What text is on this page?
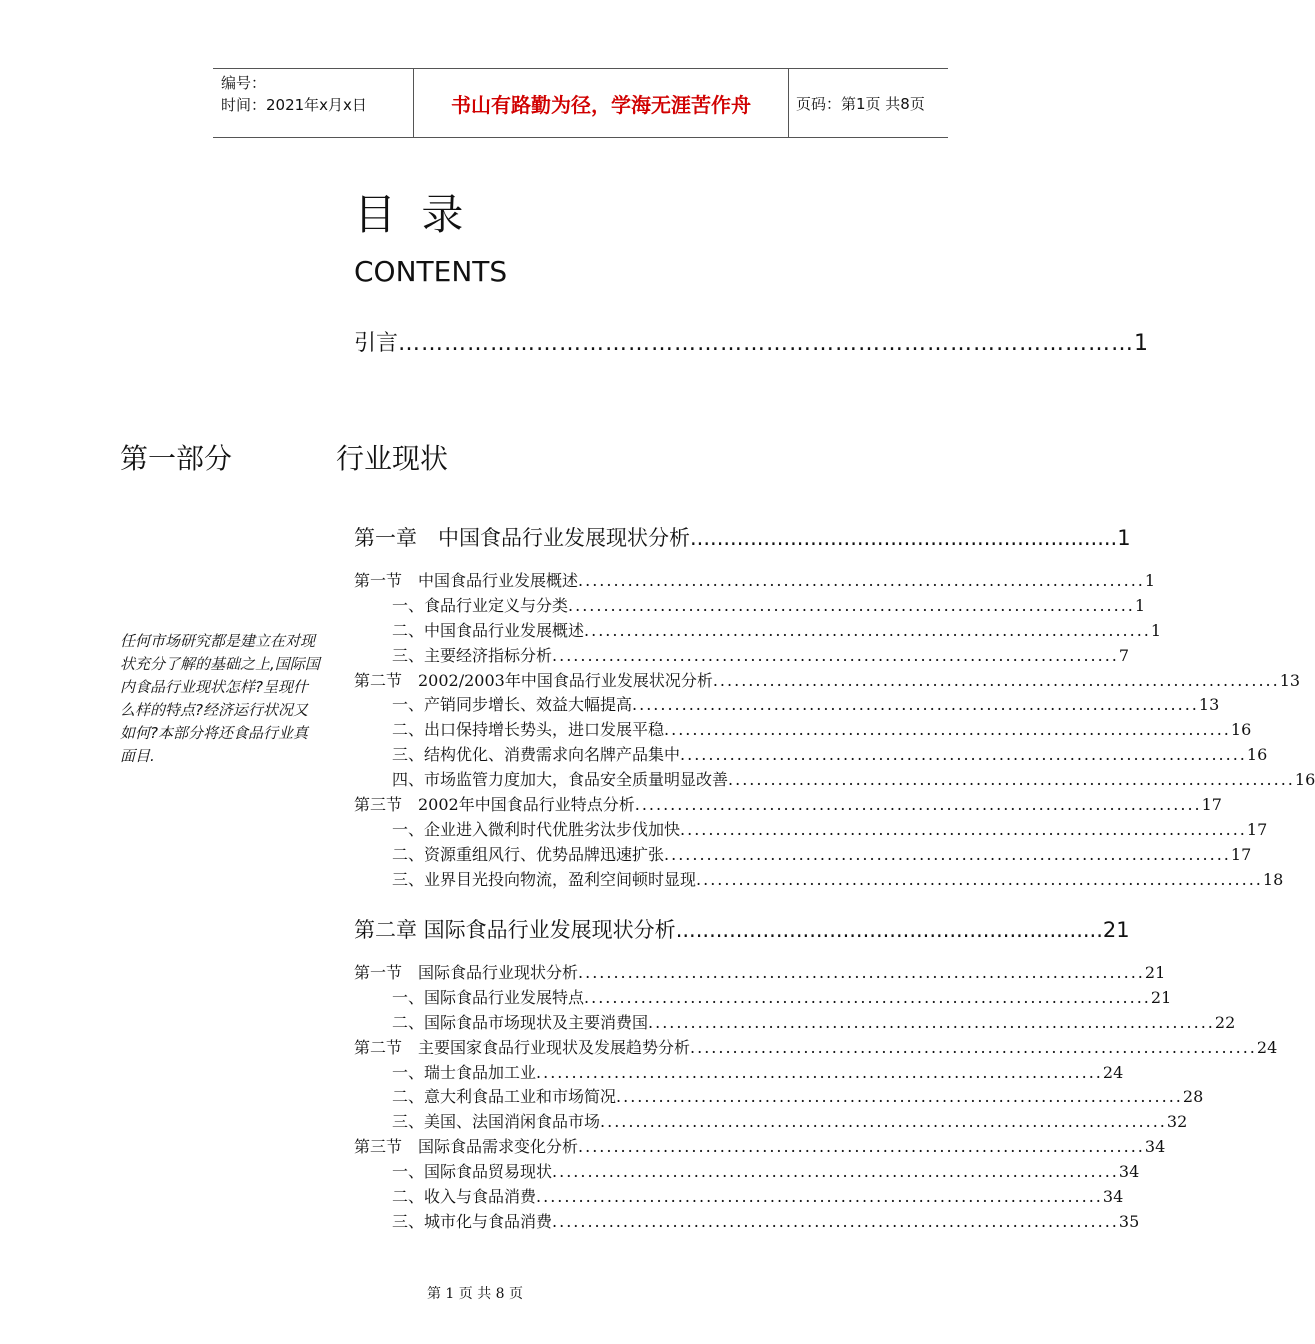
编号：
时间：2021年x月x日	书山有路勤为径，学海无涯苦作舟	页码：第1页 共8页
目 录
CONTENTS
引言 …………………………………………………………………………………… 1
第一部分	行业现状
任何市场研究都是建立在对现状充分了解的基础之上,国际国内食品行业现状怎样?呈现什么样的特点?经济运行状况又如何?本部分将还食品行业真面目.
第一章　中国食品行业发展现状分析 ................................................................ 1
第一节　中国食品行业发展概述 ................................................................................ 1
一、食品行业定义与分类 ................................................................................ 1
二、中国食品行业发展概述 ................................................................................ 1
三、主要经济指标分析 ................................................................................ 7
第二节　2002/2003年中国食品行业发展状况分析 ................................................................................ 13
一、产销同步增长、效益大幅提高 ................................................................................ 13
二、出口保持增长势头，进口发展平稳 ................................................................................ 16
三、结构优化、消费需求向名牌产品集中 ................................................................................ 16
四、市场监管力度加大，食品安全质量明显改善 ................................................................................ 16
第三节　2002年中国食品行业特点分析 ................................................................................ 17
一、企业进入微利时代优胜劣汰步伐加快 ................................................................................ 17
二、资源重组风行、优势品牌迅速扩张 ................................................................................ 17
三、业界目光投向物流，盈利空间顿时显现 ................................................................................ 18
第二章 国际食品行业发展现状分析 ................................................................ 21
第一节　国际食品行业现状分析 ................................................................................ 21
一、国际食品行业发展特点 ................................................................................ 21
二、国际食品市场现状及主要消费国 ................................................................................ 22
第二节　主要国家食品行业现状及发展趋势分析 ................................................................................ 24
一、瑞士食品加工业 ................................................................................ 24
二、意大利食品工业和市场简况 ................................................................................ 28
三、美国、法国消闲食品市场 ................................................................................ 32
第三节　国际食品需求变化分析 ................................................................................ 34
一、国际食品贸易现状 ................................................................................ 34
二、收入与食品消费 ................................................................................ 34
三、城市化与食品消费 ................................................................................ 35
第 1 页 共 8 页
